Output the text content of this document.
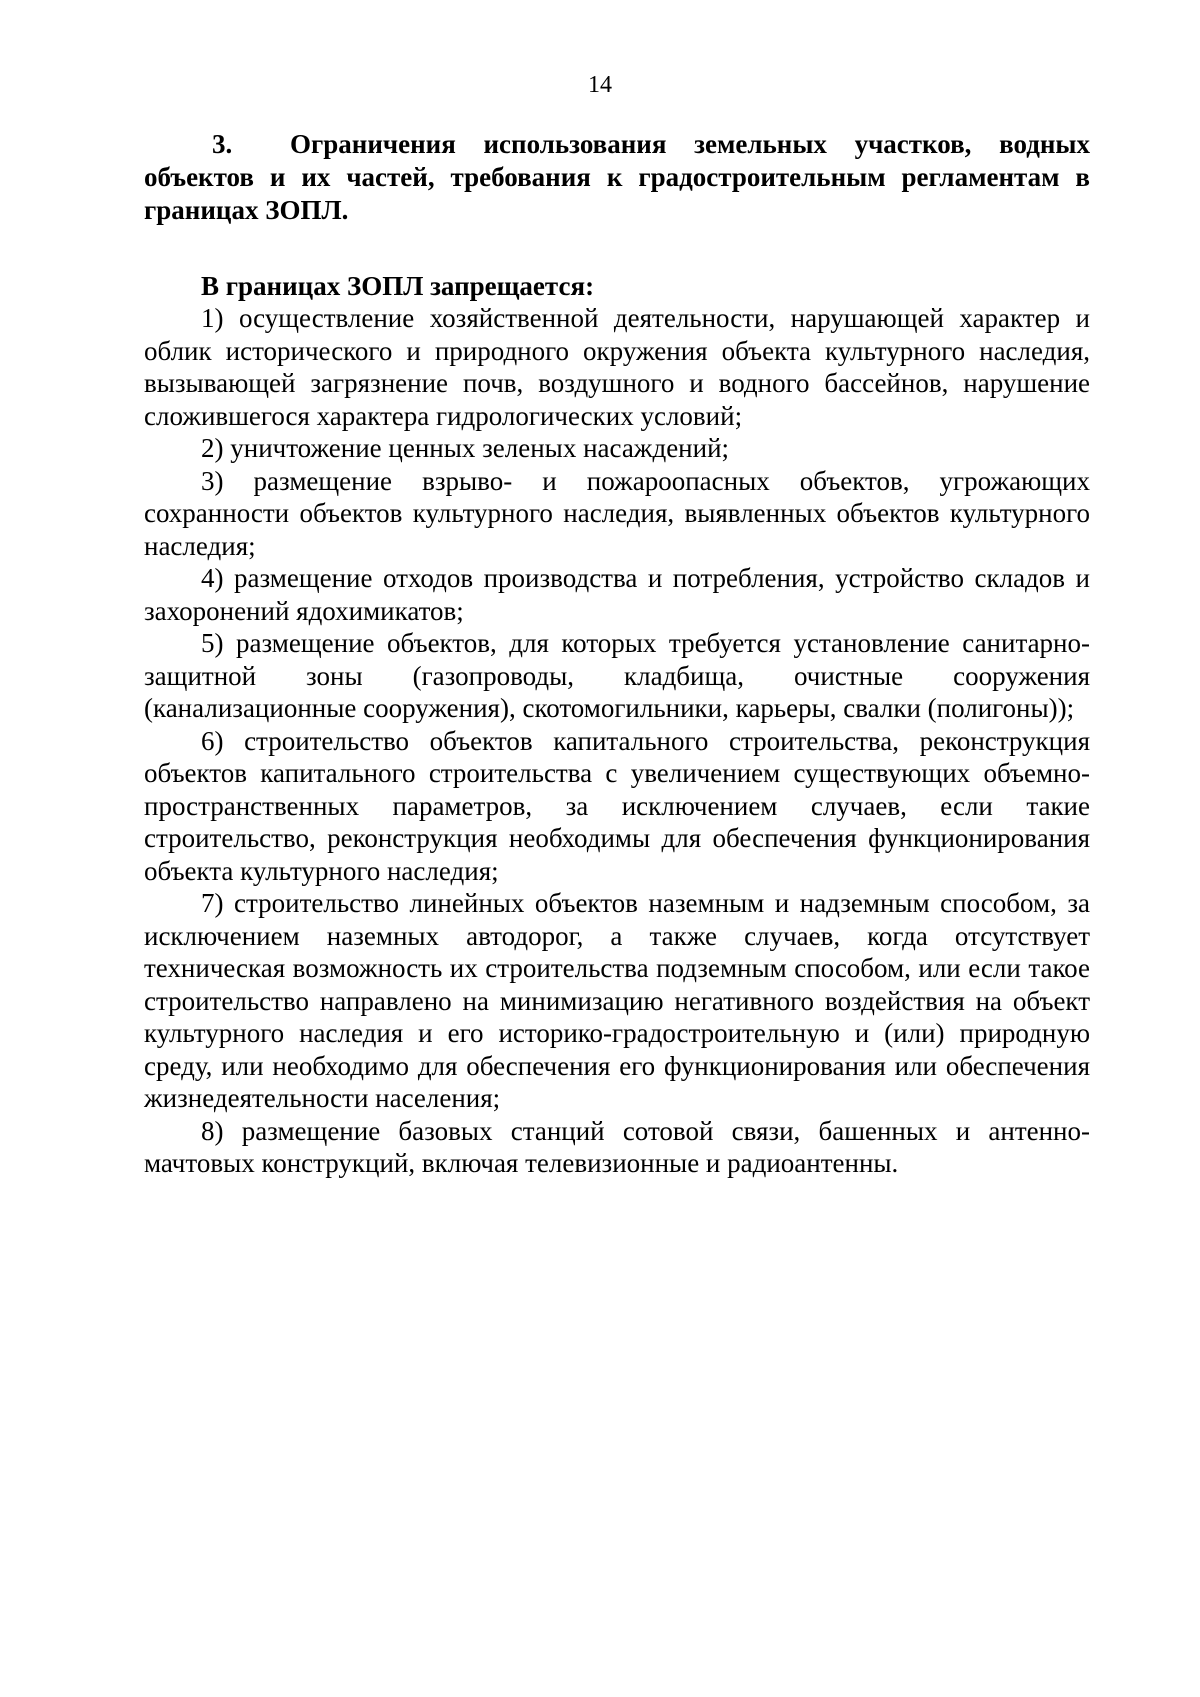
14

3. Ограничения использования земельных участков, водных объектов и их частей, требования к градостроительным регламентам в границах ЗОПЛ.

В границах ЗОПЛ запрещается:

1) осуществление хозяйственной деятельности, нарушающей характер и облик исторического и природного окружения объекта культурного наследия, вызывающей загрязнение почв, воздушного и водного бассейнов, нарушение сложившегося характера гидрологических условий;
2) уничтожение ценных зеленых насаждений;
3) размещение взрыво- и пожароопасных объектов, угрожающих сохранности объектов культурного наследия, выявленных объектов культурного наследия;
4) размещение отходов производства и потребления, устройство складов и захоронений ядохимикатов;
5) размещение объектов, для которых требуется установление санитарно-защитной зоны (газопроводы, кладбища, очистные сооружения (канализационные сооружения), скотомогильники, карьеры, свалки (полигоны));
6) строительство объектов капитального строительства, реконструкция объектов капитального строительства с увеличением существующих объемно-пространственных параметров, за исключением случаев, если такие строительство, реконструкция необходимы для обеспечения функционирования объекта культурного наследия;
7) строительство линейных объектов наземным и надземным способом, за исключением наземных автодорог, а также случаев, когда отсутствует техническая возможность их строительства подземным способом, или если такое строительство направлено на минимизацию негативного воздействия на объект культурного наследия и его историко-градостроительную и (или) природную среду, или необходимо для обеспечения его функционирования или обеспечения жизнедеятельности населения;
8) размещение базовых станций сотовой связи, башенных и антенно-мачтовых конструкций, включая телевизионные и радиоантенны.
